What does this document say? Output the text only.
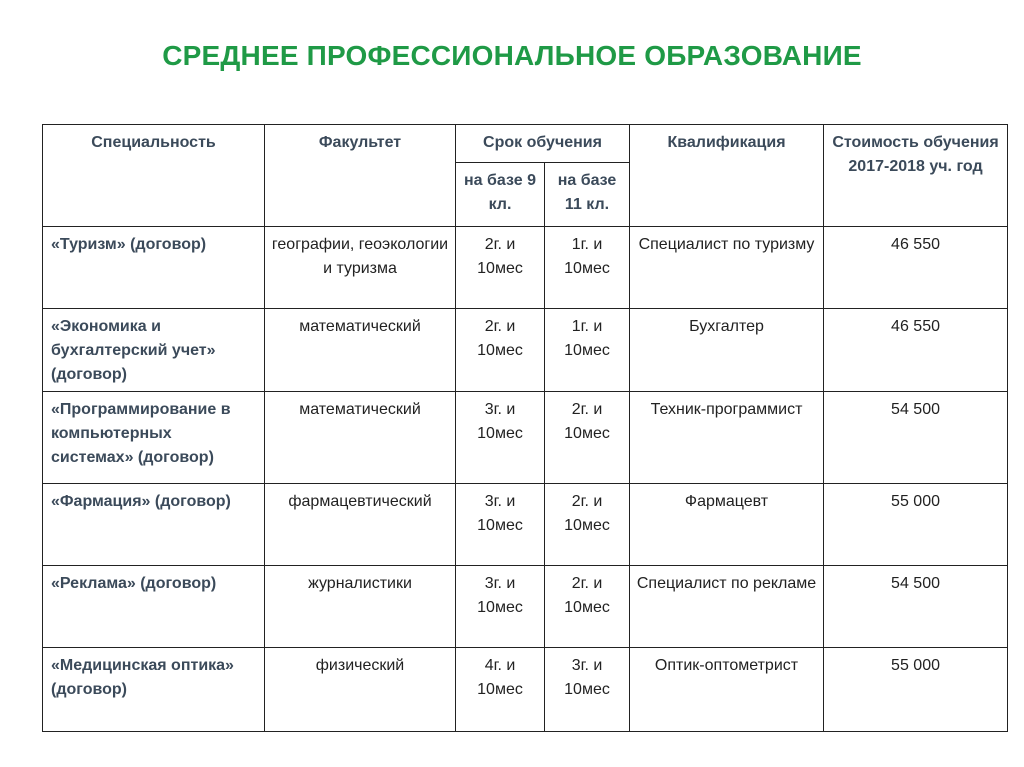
СРЕДНЕЕ ПРОФЕССИОНАЛЬНОЕ ОБРАЗОВАНИЕ
Специальность	Факультет	Срок обучения		Квалификация	Стоимость обучения 2017-2018 уч. год
		на базе 9 кл.	на базе 11 кл.		
«Туризм» (договор)	географии, геоэкологии и туризма	2г. и 10мес	1г. и 10мес	Специалист по туризму	46 550
«Экономика и бухгалтерский учет» (договор)	математический	2г. и 10мес	1г. и 10мес	Бухгалтер	46 550
«Программирование в компьютерных системах» (договор)	математический	3г. и 10мес	2г. и 10мес	Техник-программист	54 500
«Фармация» (договор)	фармацевтический	3г. и 10мес	2г. и 10мес	Фармацевт	55 000
«Реклама» (договор)	журналистики	3г. и 10мес	2г. и 10мес	Специалист по рекламе	54 500
«Медицинская оптика» (договор)	физический	4г. и 10мес	3г. и 10мес	Оптик-оптометрист	55 000
